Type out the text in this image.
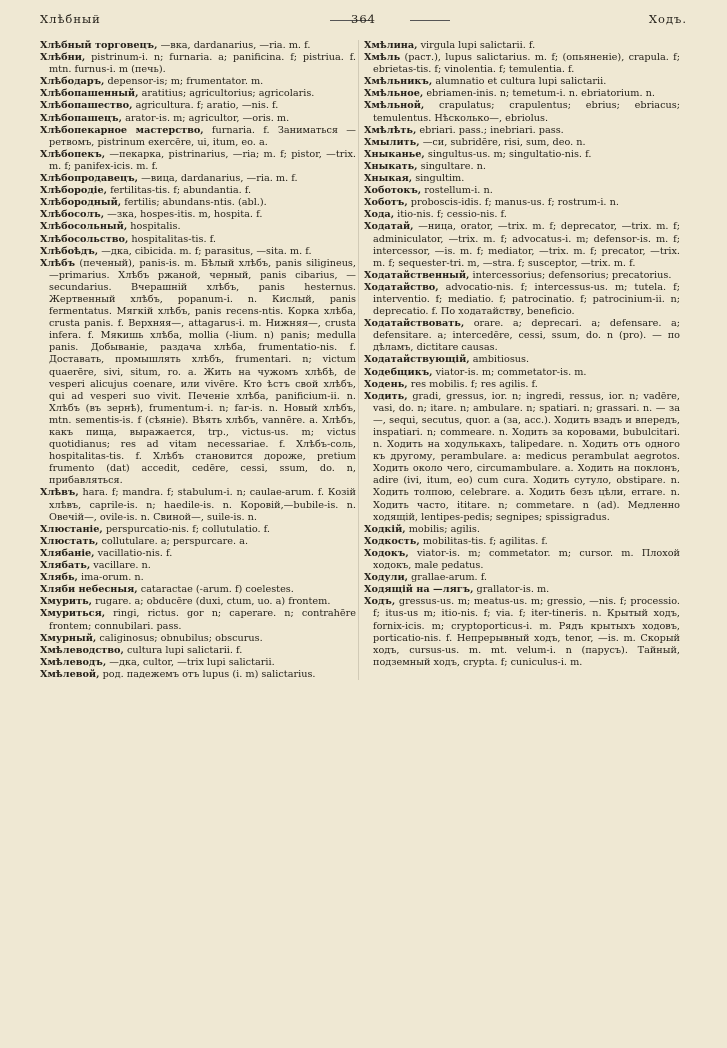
Хлѣбный	364	Ходъ.

Хлѣбный торговецъ, —вка, dardanarius, —ria. m. f.

Хлѣбни, pistrinum-i. n; furnaria. a; panificina. f; pistriua. f. mtn. furnus-i. m (печь).

Хлѣбодаръ, depensor-is; m; frumentator. m.

Хлѣбопашенный, aratitius; agricultorius; agricolaris.

Хлѣбопашество, agricultura. f; aratio, —nis. f.

Хлѣбопашецъ, arator-is. m; agricultor, —oris. m.

Хлѣбопекарное мастерство, furnaria. f. Заниматься —ретвомъ, pistrinum exercēre, ui, itum, eo. a.

Хлѣбопекъ, —пекарка, pistrinarius, —ria; m. f; pistor, —trix. m. f; panifex-icis. m. f.

Хлѣбопродавецъ, —вица, dardanarius, —ria. m. f.

Хлѣбородіе, fertilitas-tis. f; abundantia. f.

Хлѣбородный, fertilis; abundans-ntis. (abl.).

Хлѣбосолъ, —зка, hospes-itis. m, hospita. f.

Хлѣбосольный, hospitalis.

Хлѣбосольство, hospitalitas-tis. f.

Хлѣбоѣдъ, —дка, cibicida. m. f; parasitus, —sita. m. f.

Хлѣбъ (печеный), panis-is. m. Бѣлый хлѣбъ, panis siligineus, —primarius. Хлѣбъ ржаной, черный, panis cibarius, —secundarius. Вчерашній хлѣбъ, panis hesternus. Жертвенный хлѣбъ, popanum-i. n. Кислый, panis fermentatus. Мягкій хлѣбъ, panis recens-ntis. Корка хлѣба, crusta panis. f. Верхняя—, attagarus-i. m. Нижняя—, crusta infera. f. Мякишь хлѣба, mollia (-lium. n) panis; medulla panis. Добываніе, раздача хлѣба, frumentatio-nis. f. Доставать, промышлять хлѣбъ, frumentari. n; victum quaerēre, sivi, situm, ro. a. Жить на чужомъ хлѣбѣ, de vesperi alicujus coenare, или vivēre. Кто ѣстъ свой хлѣбъ, qui ad vesperi suo vivit. Печеніе хлѣба, panificium-ii. n. Хлѣбъ (въ зернѣ), frumentum-i. n; far-is. n. Новый хлѣбъ, mtn. sementis-is. f (сѣяніе). Вѣять хлѣбъ, vannēre. a. Хлѣбъ, какъ пища, выражается, trp., victus-us. m; victus quotidianus; res ad vitam necessariae. f. Хлѣбъ-соль, hospitalitas-tis. f. Хлѣбъ становится дороже, pretium frumento (dat) accedit, cedēre, cessi, ssum, do. n, прибавляться.

Хлѣвъ, hara. f; mandra. f; stabulum-i. n; caulae-arum. f. Козій хлѣвъ, caprile-is. n; haedile-is. n. Коровій,—bubile-is. n. Овечій—, ovile-is. n. Свиной—, suile-is. n.

Хлюстаніе, perspurcatio-nis. f; collutulatio. f.

Хлюстать, collutulare. a; perspurcare. a.

Хлябаніе, vacillatio-nis. f.

Хлябать, vacillare. n.

Хлябь, ima-orum. n.

Хляби небесныя, cataractae (-arum. f) coelestes.

Хмурить, rugare. a; obducēre (duxi, ctum, uo. a) frontem.

Хмуриться, ringi, rictus. gor n; caperare. n; contrahēre frontem; connubilari. pass.

Хмурный, caliginosus; obnubilus; obscurus.

Хмѣлеводство, cultura lupi salictarii. f.

Хмѣлеводъ, —дка, cultor, —trix lupi salictarii.

Хмѣлевой, род. падежемъ отъ lupus (i. m) salictarius.

Хмѣлина, virgula lupi salictarii. f.

Хмѣль (раст.), lupus salictarius. m. f; (опьяненіе), crapula. f; ebrietas-tis. f; vinolentia. f; temulentia. f.

Хмѣльникъ, alumnatio et cultura lupi salictarii.

Хмѣльное, ebriamen-inis. n; temetum-i. n. ebriatorium. n.

Хмѣльной, crapulatus; crapulentus; ebrius; ebriacus; temulentus. Нѣсколько—, ebriolus.

Хмѣлѣть, ebriari. pass.; inebriari. pass.

Хмылить, —си, subridēre, risi, sum, deo. n.

Хныканье, singultus-us. m; singultatio-nis. f.

Хныкать, singultare. n.

Хныкая, singultim.

Хоботокъ, rostellum-i. n.

Хоботъ, proboscis-idis. f; manus-us. f; rostrum-i. n.

Хода, itio-nis. f; cessio-nis. f.

Ходатай, —ница, orator, —trix. m. f; deprecator, —trix. m. f; adminiculator, —trix. m. f; advocatus-i. m; defensor-is. m. f; intercessor, —is. m. f; mediator, —trix. m. f; precator, —trix. m. f; sequester-tri. m, —stra. f; susceptor, —trix. m. f.

Ходатайственный, intercessorius; defensorius; precatorius.

Ходатайство, advocatio-nis. f; intercessus-us. m; tutela. f; interventio. f; mediatio. f; patrocinatio. f; patrocinium-ii. n; deprecatio. f. По ходатайству, beneficio.

Ходатайствовать, orare. a; deprecari. a; defensare. a; defensitare. a; intercedēre, cessi, ssum, do. n (pro). — по дѣламъ, dictitare causas.

Ходатайствующій, ambitiosus.

Ходебщикъ, viator-is. m; commetator-is. m.

Ходень, res mobilis. f; res agilis. f.

Ходить, gradi, gressus, ior. n; ingredi, ressus, ior. n; vadēre, vasi, do. n; itare. n; ambulare. n; spatiari. n; grassari. n. — за —, sequi, secutus, quor. a (за, acc.). Ходить взадъ и впередъ, inspatiari. n; commeare. n. Ходить за коровами, bubulcitari. n. Ходить на ходулькахъ, talipedare. n. Ходить отъ одного къ другому, perambulare. a: medicus perambulat aegrotos. Ходить около чего, circumambulare. a. Ходить на поклонъ, adire (ivi, itum, eo) cum cura. Ходить сутуло, obstipare. n. Ходить толпою, celebrare. a. Ходить безъ цѣли, errare. n. Ходить часто, ititare. n; commetare. n (ad). Медленно ходящій, lentipes-pedis; segnipes; spissigradus.

Ходкій, mobilis; agilis.

Ходкость, mobilitas-tis. f; agilitas. f.

Ходокъ, viator-is. m; commetator. m; cursor. m. Плохой ходокъ, male pedatus.

Ходули, grallae-arum. f.

Ходящій на —лягъ, grallator-is. m.

Ходъ, gressus-us. m; meatus-us. m; gressio, —nis. f; processio. f; itus-us m; itio-nis. f; via. f; iter-tineris. n. Крытый ходъ, fornix-icis. m; cryptoporticus-i. m. Рядъ крытыхъ ходовъ, porticatio-nis. f. Непрерывный ходъ, tenor, —is. m. Скорый ходъ, cursus-us. m. mt. velum-i. n (парусъ). Тайный, подземный ходъ, crypta. f; cuniculus-i. m.
